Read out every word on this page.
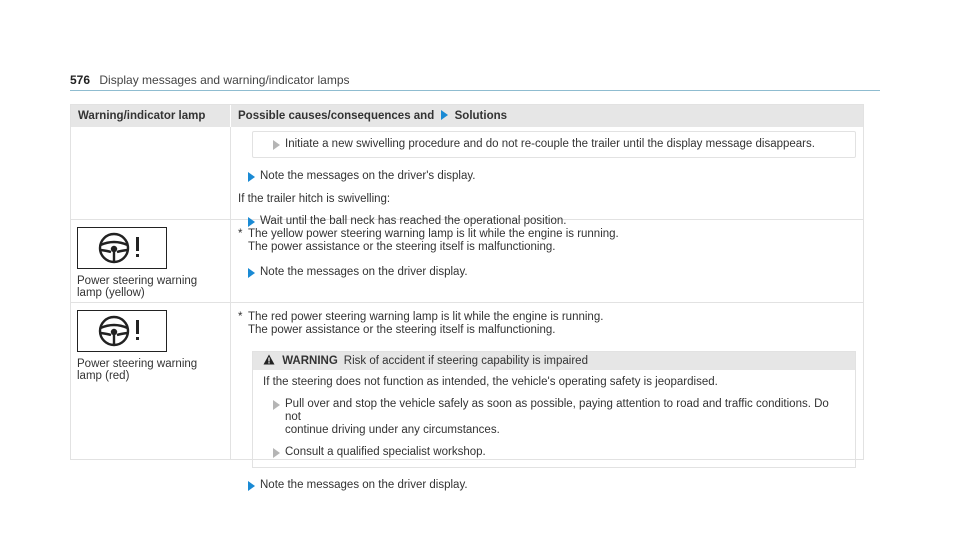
576 Display messages and warning/indicator lamps
Warning/indicator lamp	Possible causes/consequences and Solutions
Initiate a new swivelling procedure and do not re-couple the trailer until the display message disappears.
Note the messages on the driver's display.
If the trailer hitch is swivelling:
Wait until the ball neck has reached the operational position.
Power steering warning
lamp (yellow)
* The yellow power steering warning lamp is lit while the engine is running.
The power assistance or the steering itself is malfunctioning.
Note the messages on the driver display.
Power steering warning
lamp (red)
* The red power steering warning lamp is lit while the engine is running.
The power assistance or the steering itself is malfunctioning.
WARNING Risk of accident if steering capability is impaired
If the steering does not function as intended, the vehicle's operating safety is jeopardised.
Pull over and stop the vehicle safely as soon as possible, paying attention to road and traffic conditions. Do not
continue driving under any circumstances.
Consult a qualified specialist workshop.
Note the messages on the driver display.
